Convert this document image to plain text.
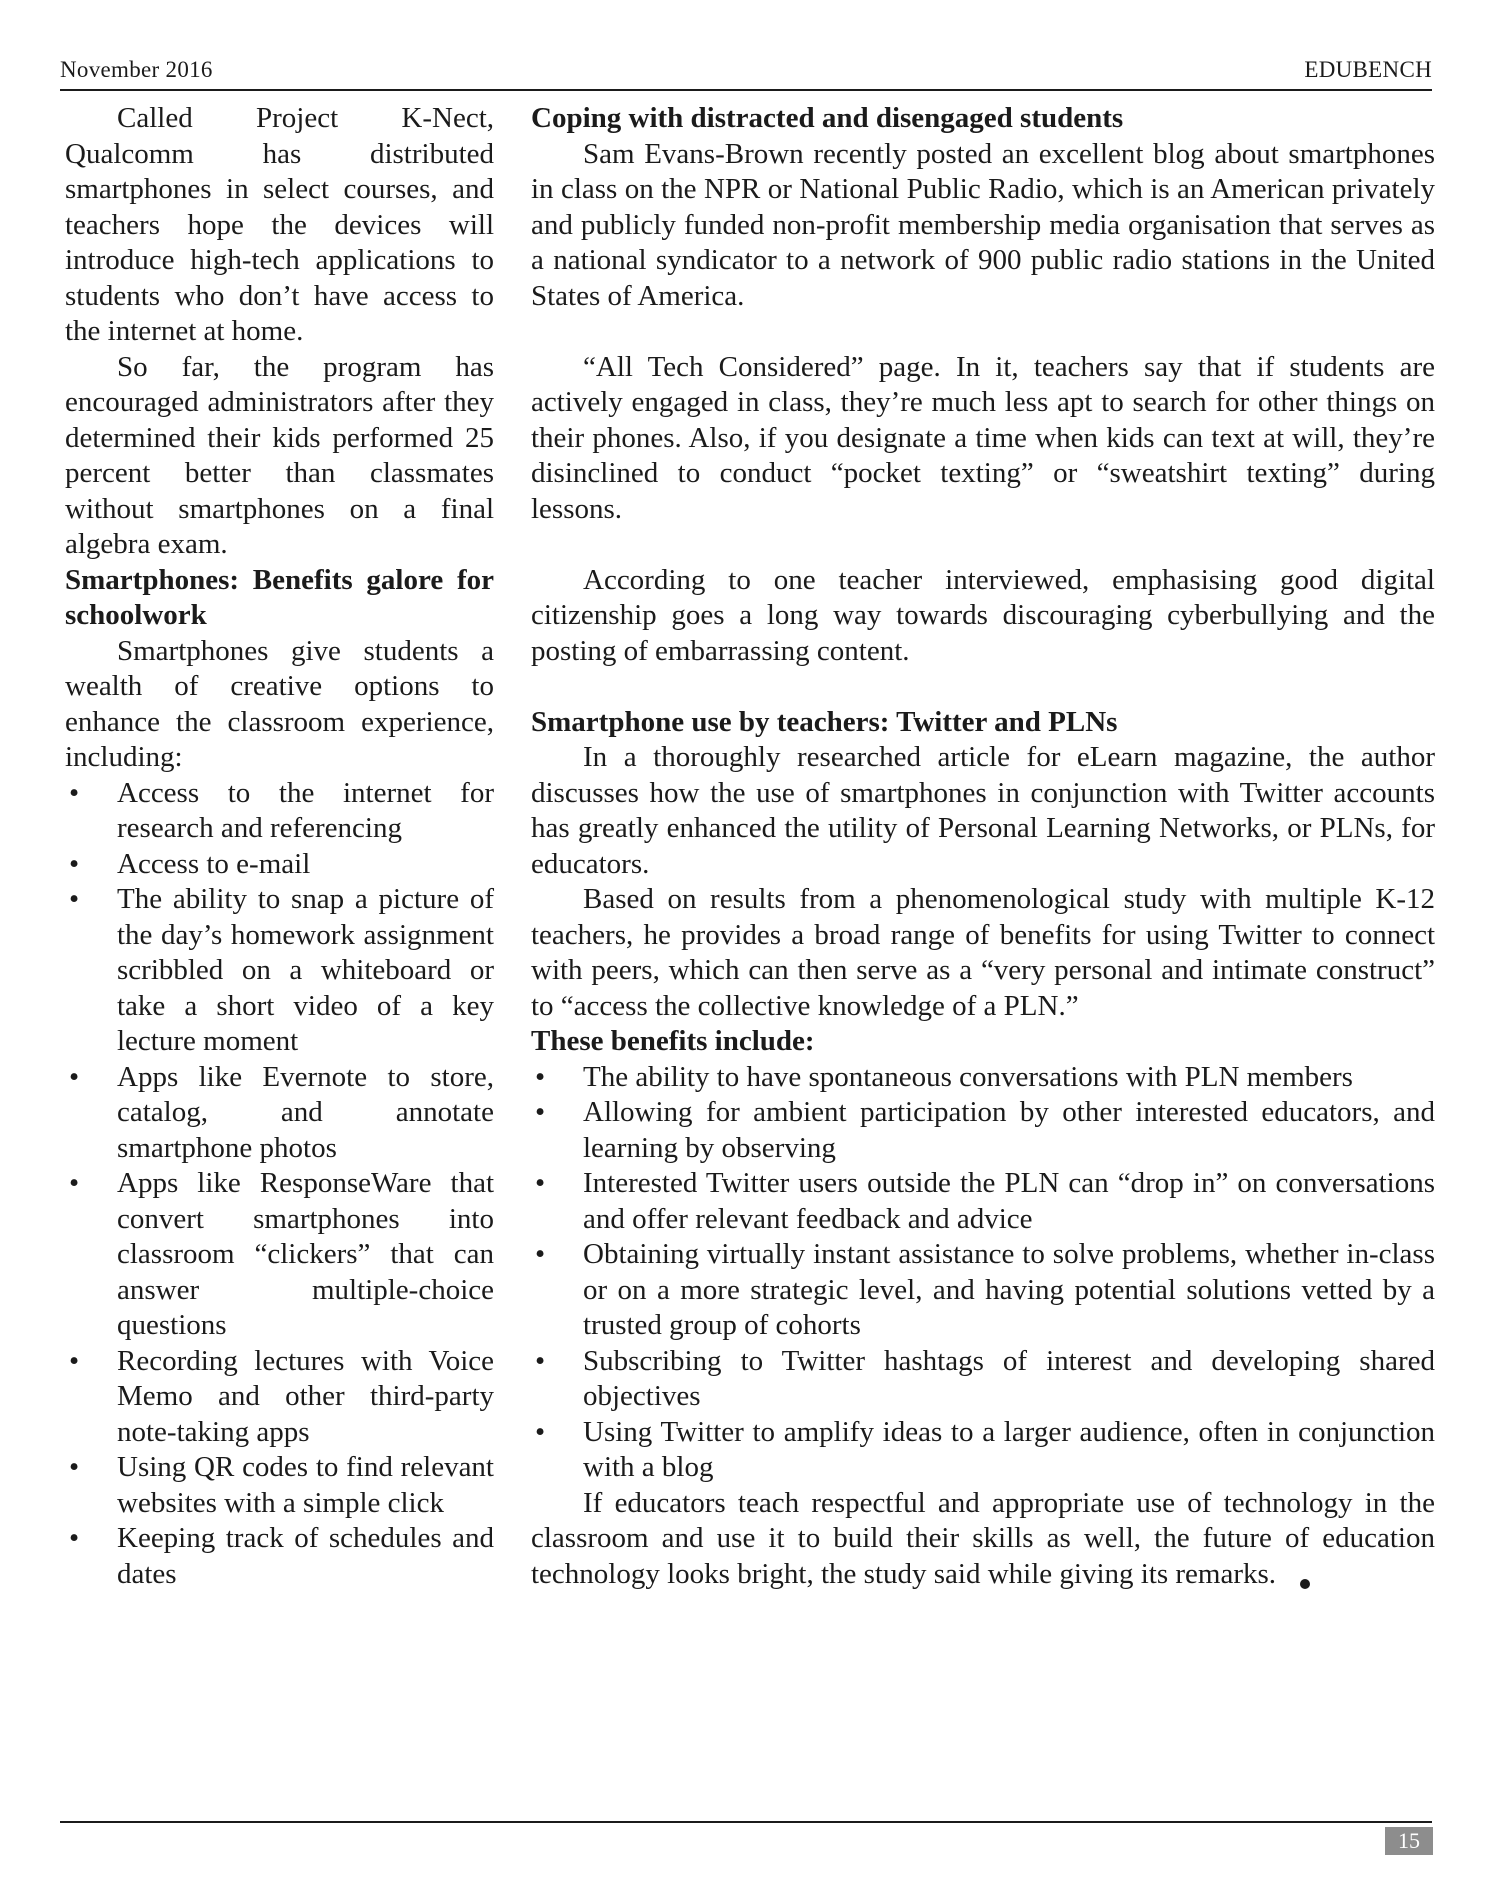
November 2016	EDUBENCH

Called Project K-Nect, Qualcomm has distributed smartphones in select courses, and teachers hope the devices will introduce high-tech applications to students who don’t have access to the internet at home.

So far, the program has encouraged administrators after they determined their kids performed 25 percent better than classmates without smartphones on a final algebra exam.

Smartphones: Benefits galore for schoolwork

Smartphones give students a wealth of creative options to enhance the classroom experience, including:

• Access to the internet for research and referencing
• Access to e-mail
• The ability to snap a picture of the day’s homework assignment scribbled on a whiteboard or take a short video of a key lecture moment
• Apps like Evernote to store, catalog, and annotate smartphone photos
• Apps like ResponseWare that convert smartphones into classroom “clickers” that can answer multiple-choice questions
• Recording lectures with Voice Memo and other third-party note-taking apps
• Using QR codes to find relevant websites with a simple click
• Keeping track of schedules and dates
Coping with distracted and disengaged students

Sam Evans-Brown recently posted an excellent blog about smartphones in class on the NPR or National Public Radio, which is an American privately and publicly funded non-profit membership media organisation that serves as a national syndicator to a network of 900 public radio stations in the United States of America.

“All Tech Considered” page. In it, teachers say that if students are actively engaged in class, they’re much less apt to search for other things on their phones. Also, if you designate a time when kids can text at will, they’re disinclined to conduct “pocket texting” or “sweatshirt texting” during lessons.

According to one teacher interviewed, emphasising good digital citizenship goes a long way towards discouraging cyberbullying and the posting of embarrassing content.

Smartphone use by teachers: Twitter and PLNs

In a thoroughly researched article for eLearn magazine, the author discusses how the use of smartphones in conjunction with Twitter accounts has greatly enhanced the utility of Personal Learning Networks, or PLNs, for educators.

Based on results from a phenomenological study with multiple K-12 teachers, he provides a broad range of benefits for using Twitter to connect with peers, which can then serve as a “very personal and intimate construct” to “access the collective knowledge of a PLN.”

These benefits include:
• The ability to have spontaneous conversations with PLN members
• Allowing for ambient participation by other interested educators, and learning by observing
• Interested Twitter users outside the PLN can “drop in” on conversations and offer relevant feedback and advice
• Obtaining virtually instant assistance to solve problems, whether in-class or on a more strategic level, and having potential solutions vetted by a trusted group of cohorts
• Subscribing to Twitter hashtags of interest and developing shared objectives
• Using Twitter to amplify ideas to a larger audience, often in conjunction with a blog

If educators teach respectful and appropriate use of technology in the classroom and use it to build their skills as well, the future of education technology looks bright, the study said while giving its remarks.

15
